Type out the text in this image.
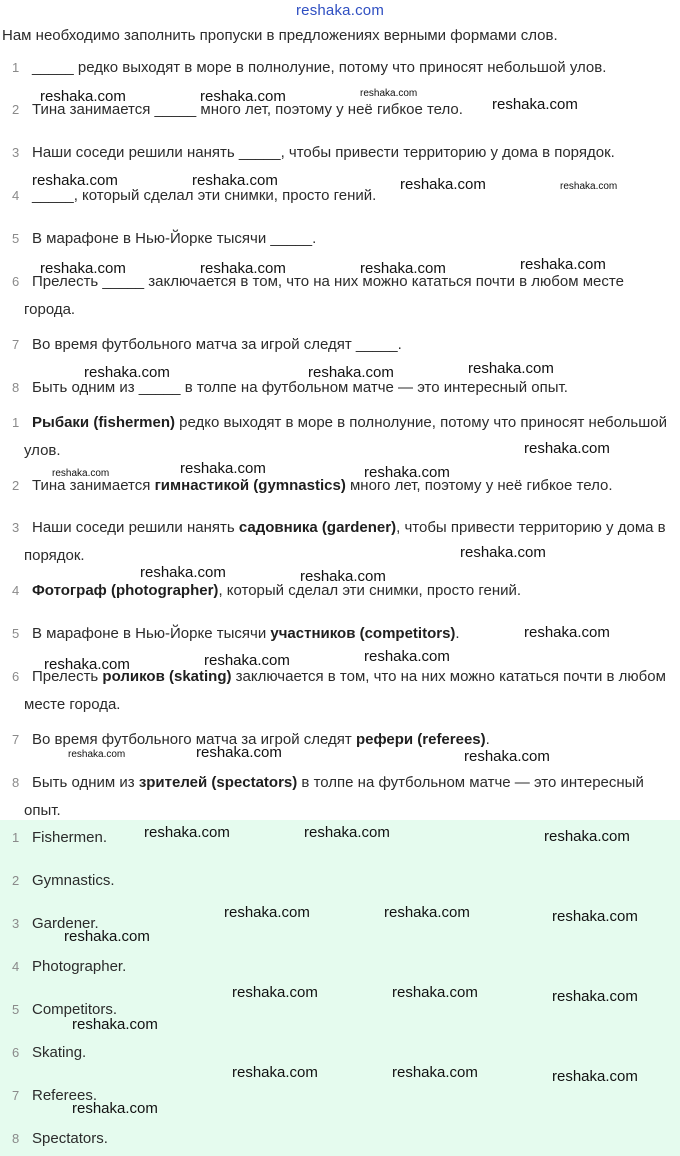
reshaka.com
Нам необходимо заполнить пропуски в предложениях верными формами слов.
1 _____ редко выходят в море в полнолуние, потому что приносят небольшой улов.
2 Тина занимается _____ много лет, поэтому у неё гибкое тело.
3 Наши соседи решили нанять _____, чтобы привести территорию у дома в порядок.
4 _____, который сделал эти снимки, просто гений.
5 В марафоне в Нью-Йорке тысячи _____.
6 Прелесть _____ заключается в том, что на них можно кататься почти в любом месте города.
7 Во время футбольного матча за игрой следят _____.
8 Быть одним из _____ в толпе на футбольном матче — это интересный опыт.
1 Рыбаки (fishermen) редко выходят в море в полнолуние, потому что приносят небольшой улов.
2 Тина занимается гимнастикой (gymnastics) много лет, поэтому у неё гибкое тело.
3 Наши соседи решили нанять садовника (gardener), чтобы привести территорию у дома в порядок.
4 Фотограф (photographer), который сделал эти снимки, просто гений.
5 В марафоне в Нью-Йорке тысячи участников (competitors).
6 Прелесть роликов (skating) заключается в том, что на них можно кататься почти в любом месте города.
7 Во время футбольного матча за игрой следят рефери (referees).
8 Быть одним из зрителей (spectators) в толпе на футбольном матче — это интересный опыт.
1 Fishermen.
2 Gymnastics.
3 Gardener.
4 Photographer.
5 Competitors.
6 Skating.
7 Referees.
8 Spectators.
reshaka.com	reshaka.com	reshaka.com
reshaka.com
reshaka.com	reshaka.com	reshaka.com	reshaka.com
reshaka.com	reshaka.com	reshaka.com	reshaka.com
reshaka.com	reshaka.com	reshaka.com
reshaka.com
reshaka.com	reshaka.com	reshaka.com
reshaka.com
reshaka.com	reshaka.com
reshaka.com
reshaka.com	reshaka.com	reshaka.com
reshaka.com	reshaka.com	reshaka.com
reshaka.com	reshaka.com	reshaka.com
reshaka.com	reshaka.com	reshaka.com
reshaka.com
reshaka.com	reshaka.com	reshaka.com
reshaka.com
reshaka.com	reshaka.com	reshaka.com
reshaka.com
